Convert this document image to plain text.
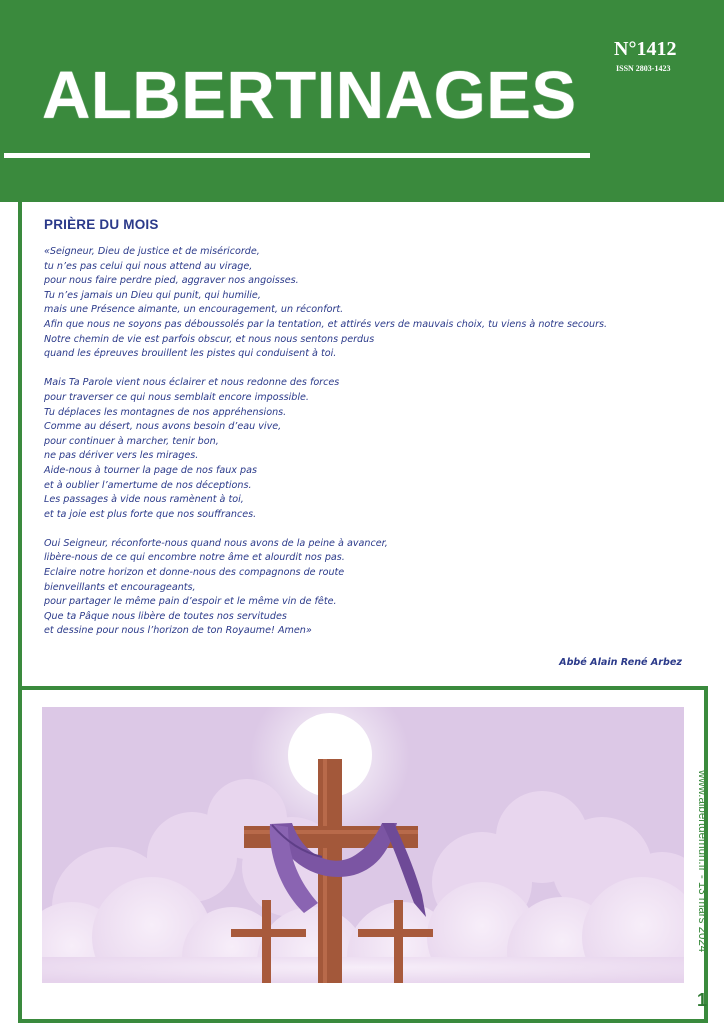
ALBERTINAGES
N°1412
ISSN 2803-1423
PRIÈRE DU MOIS
«Seigneur, Dieu de justice et de miséricorde,
tu n’es pas celui qui nous attend au virage,
pour nous faire perdre pied, aggraver nos angoisses.
Tu n’es jamais un Dieu qui punit, qui humilie,
mais une Présence aimante, un encouragement, un réconfort.
Afin que nous ne soyons pas déboussolés par la tentation, et attirés vers de mauvais choix, tu viens à notre secours.
Notre chemin de vie est parfois obscur, et nous nous sentons perdus
quand les épreuves brouillent les pistes qui conduisent à toi.
Mais Ta Parole vient nous éclairer et nous redonne des forces
pour traverser ce qui nous semblait encore impossible.
Tu déplaces les montagnes de nos appréhensions.
Comme au désert, nous avons besoin d’eau vive,
pour continuer à marcher, tenir bon,
ne pas dériver vers les mirages.
Aide-nous à tourner la page de nos faux pas
et à oublier l’amertume de nos déceptions.
Les passages à vide nous ramènent à toi,
et ta joie est plus forte que nos souffrances.
Oui Seigneur, réconforte-nous quand nous avons de la peine à avancer,
libère-nous de ce qui encombre notre âme et alourdit nos pas.
Eclaire notre horizon et donne-nous des compagnons de route
bienveillants et encourageants,
pour partager le même pain d’espoir et le même vin de fête.
Que ta Pâque nous libère de toutes nos servitudes
et dessine pour nous l’horizon de ton Royaume! Amen»
Abbé Alain René Arbez
www.albertdemun.fr - 13 mars 2024
1
